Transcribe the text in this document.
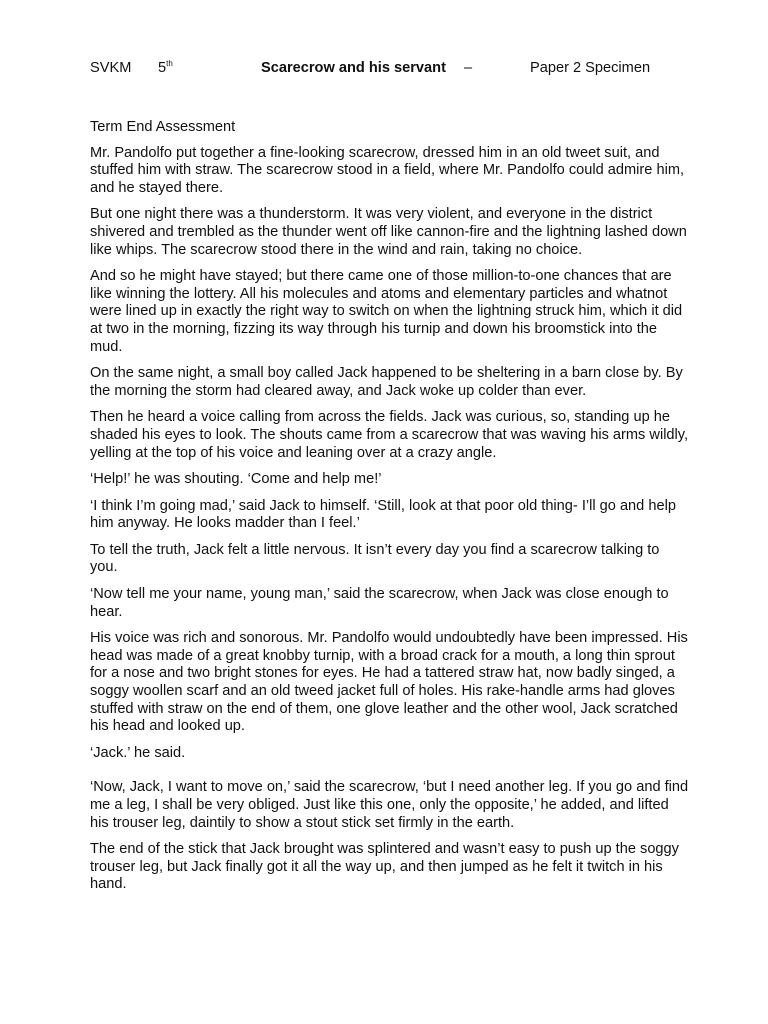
SVKM 5th	Scarecrow and his servant –	Paper 2 Specimen

Term End Assessment

Mr. Pandolfo put together a fine-looking scarecrow, dressed him in an old tweet suit, and stuffed him with straw. The scarecrow stood in a field, where Mr. Pandolfo could admire him, and he stayed there.

But one night there was a thunderstorm. It was very violent, and everyone in the district shivered and trembled as the thunder went off like cannon-fire and the lightning lashed down like whips. The scarecrow stood there in the wind and rain, taking no choice.

And so he might have stayed; but there came one of those million-to-one chances that are like winning the lottery. All his molecules and atoms and elementary particles and whatnot were lined up in exactly the right way to switch on when the lightning struck him, which it did at two in the morning, fizzing its way through his turnip and down his broomstick into the mud.

On the same night, a small boy called Jack happened to be sheltering in a barn close by. By the morning the storm had cleared away, and Jack woke up colder than ever.

Then he heard a voice calling from across the fields. Jack was curious, so, standing up he shaded his eyes to look. The shouts came from a scarecrow that was waving his arms wildly, yelling at the top of his voice and leaning over at a crazy angle.

‘Help!’ he was shouting. ‘Come and help me!’

‘I think I’m going mad,’ said Jack to himself. ‘Still, look at that poor old thing- I’ll go and help him anyway. He looks madder than I feel.’

To tell the truth, Jack felt a little nervous. It isn’t every day you find a scarecrow talking to you.

‘Now tell me your name, young man,’ said the scarecrow, when Jack was close enough to hear.

His voice was rich and sonorous. Mr. Pandolfo would undoubtedly have been impressed. His head was made of a great knobby turnip, with a broad crack for a mouth, a long thin sprout for a nose and two bright stones for eyes. He had a tattered straw hat, now badly singed, a soggy woollen scarf and an old tweed jacket full of holes. His rake-handle arms had gloves stuffed with straw on the end of them, one glove leather and the other wool, Jack scratched his head and looked up.

‘Jack.’ he said.

‘Now, Jack, I want to move on,’ said the scarecrow, ‘but I need another leg. If you go and find me a leg, I shall be very obliged. Just like this one, only the opposite,’ he added, and lifted his trouser leg, daintily to show a stout stick set firmly in the earth.

The end of the stick that Jack brought was splintered and wasn’t easy to push up the soggy trouser leg, but Jack finally got it all the way up, and then jumped as he felt it twitch in his hand.
